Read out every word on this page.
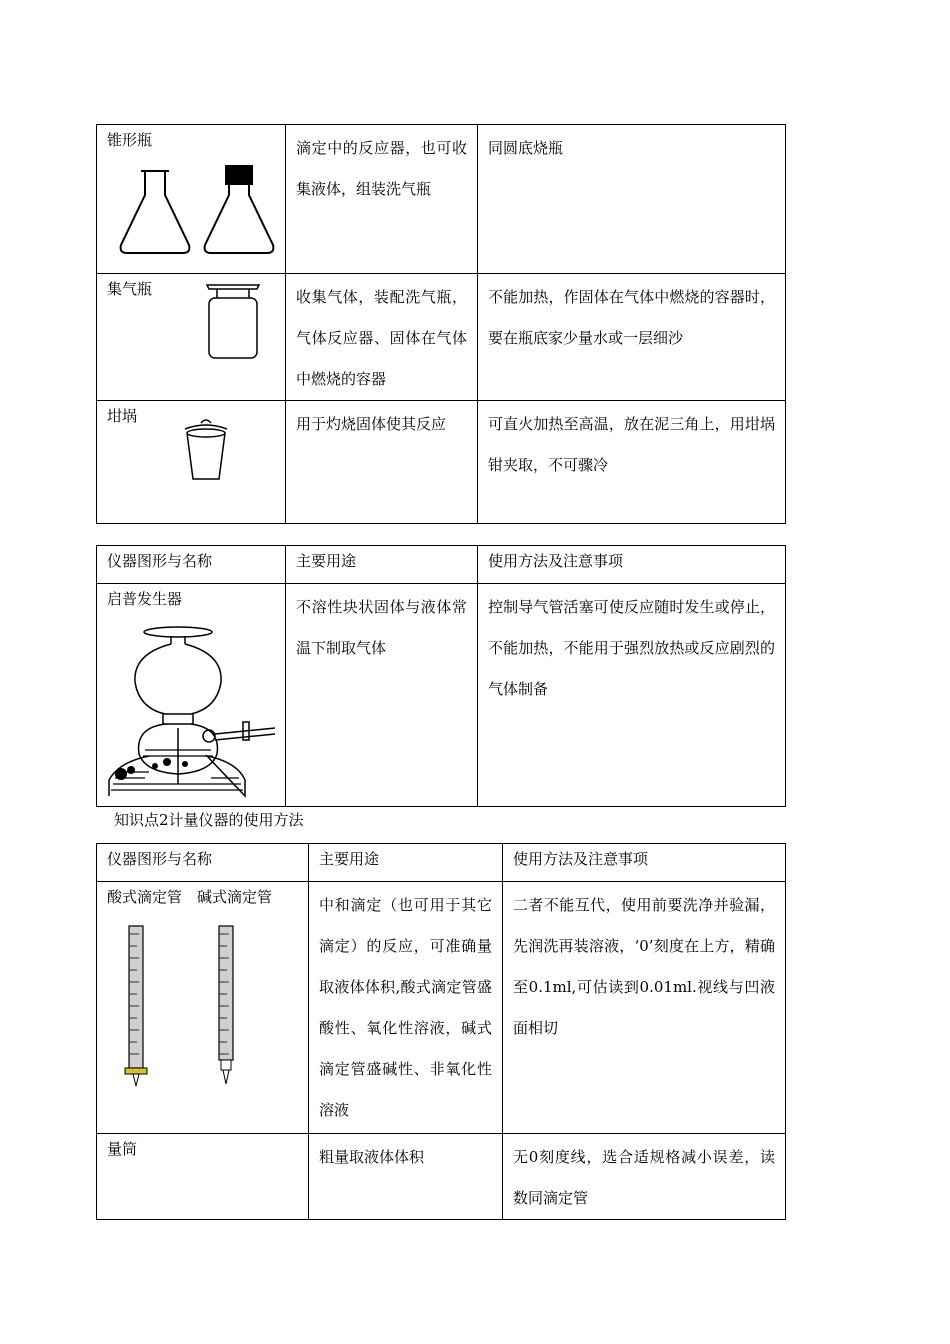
锥形瓶	滴定中的反应器，也可收集液体，组装洗气瓶	同圆底烧瓶

集气瓶	收集气体，装配洗气瓶，气体反应器、固体在气体中燃烧的容器	不能加热，作固体在气体中燃烧的容器时，要在瓶底家少量水或一层细沙

坩埚	用于灼烧固体使其反应	可直火加热至高温，放在泥三角上，用坩埚钳夹取，不可骤冷
仪器图形与名称	主要用途	使用方法及注意事项

启普发生器	不溶性块状固体与液体常温下制取气体	控制导气管活塞可使反应随时发生或停止，不能加热，不能用于强烈放热或反应剧烈的气体制备
知识点2计量仪器的使用方法
仪器图形与名称	主要用途	使用方法及注意事项

酸式滴定管　碱式滴定管	中和滴定（也可用于其它滴定）的反应，可准确量取液体体积,酸式滴定管盛酸性、氧化性溶液，碱式滴定管盛碱性、非氧化性溶液	二者不能互代，使用前要洗净并验漏，先润洗再装溶液，‘0’刻度在上方，精确至0.1ml,可估读到0.01ml.视线与凹液面相切

量筒	粗量取液体体积	无0刻度线，选合适规格减小误差，读数同滴定管
